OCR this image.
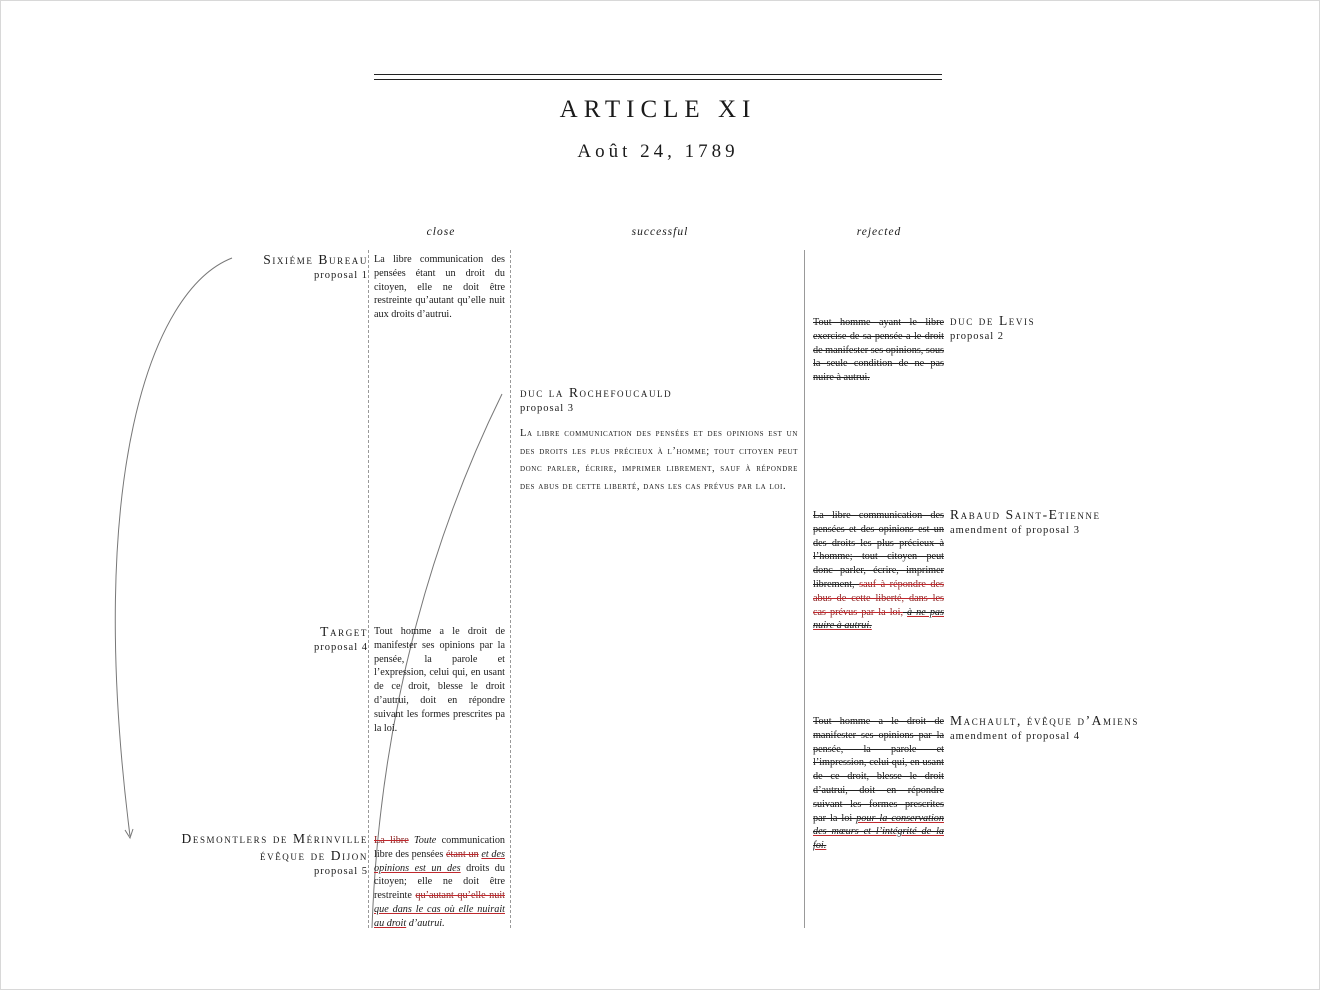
ARTICLE XI
Août 24, 1789
close	successful	rejected
Sixiéme Bureau
proposal 1
La libre communication des pensées étant un droit du citoyen, elle ne doit être restreinte qu’autant qu’elle nuit aux droits d’autrui.
Tout homme ayant le libre exercise de sa pensée a le droit de manifester ses opinions, sous la seule condition de ne pas nuire à autrui.
duc de Levis
proposal 2
duc la Rochefoucauld
proposal 3
La libre communication des pensées et des opinions est un des droits les plus précieux à l’homme; tout citoyen peut donc parler, écrire, imprimer librement, sauf à répondre des abus de cette liberté, dans les cas prévus par la loi.
La libre communication des pensées et des opinions est un des droits les plus précieux à l’homme; tout citoyen peut donc parler, écrire, imprimer librement, sauf à répondre des abus de cette liberté, dans les cas prévus par la loi, à ne pas nuire à autrui.
Rabaud Saint-Etienne
amendment of proposal 3
Target
proposal 4
Tout homme a le droit de manifester ses opinions par la pensée, la parole et l’expression, celui qui, en usant de ce droit, blesse le droit d’autrui, doit en répondre suivant les formes prescrites pa la loi.
Tout homme a le droit de manifester ses opinions par la pensée, la parole et l’impression, celui qui, en usant de ce droit, blesse le droit d’autrui, doit en répondre suivant les formes prescrites par la loi pour la conservation des mœurs et l’intégrité de la foi.
Machault, évêque d’Amiens
amendment of proposal 4
Desmontlers de Mérinville
évêque de Dijon
proposal 5
La libre Toute communication libre des pensées étant un et des opinions est un des droits du citoyen; elle ne doit être restreinte qu’autant qu’elle nuit que dans le cas où elle nuirait au droit d’autrui.
